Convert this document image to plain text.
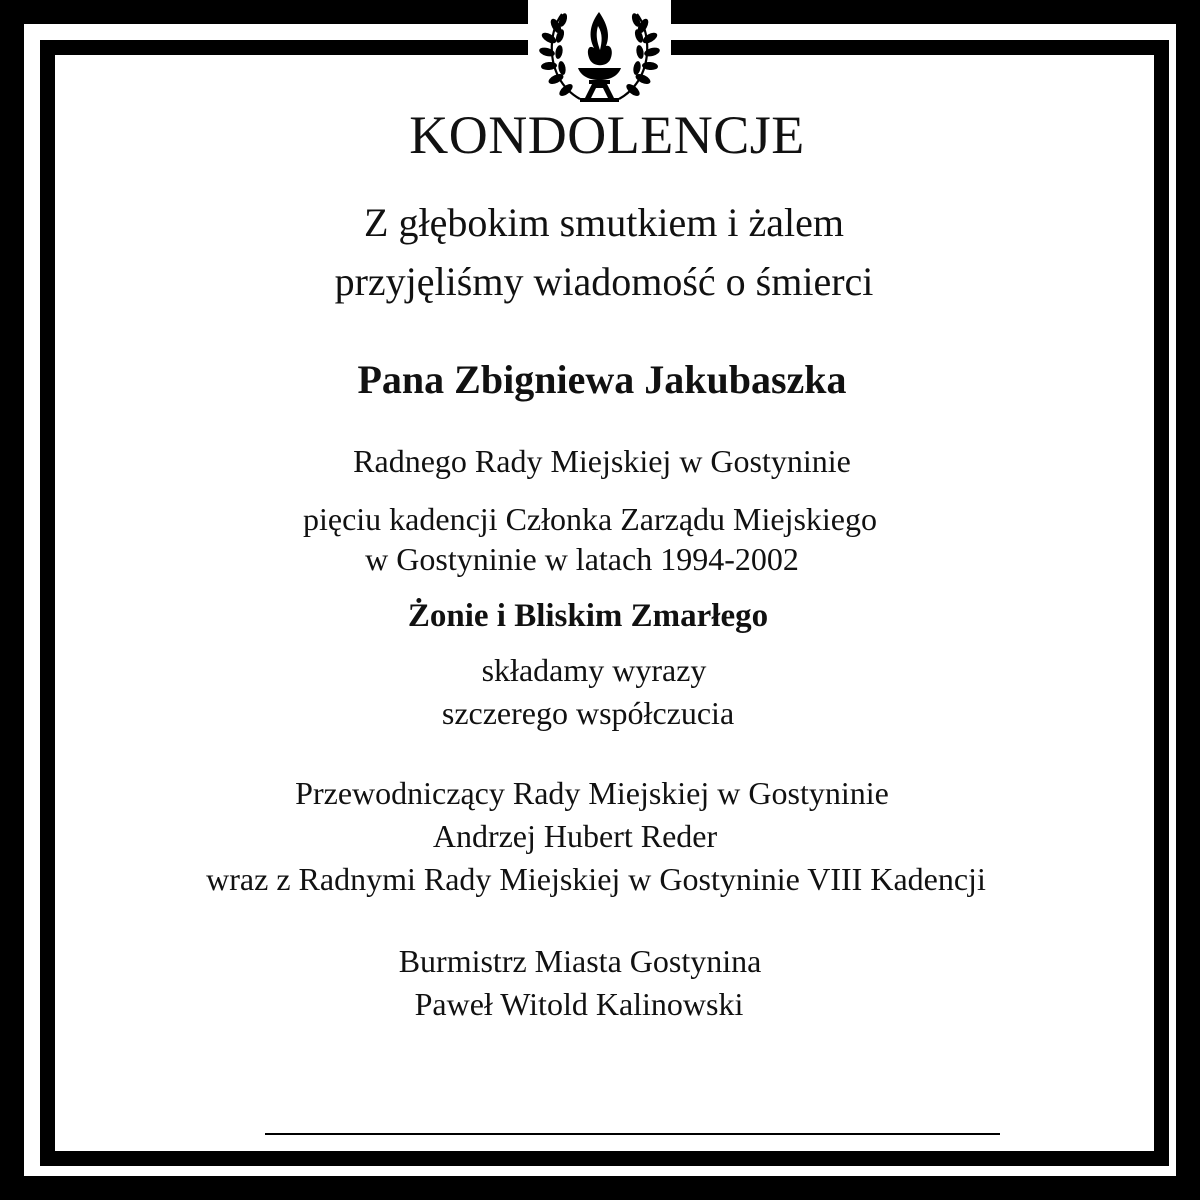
KONDOLENCJE
Z głębokim smutkiem i żalem
przyjęliśmy wiadomość o śmierci
Pana Zbigniewa Jakubaszka
Radnego Rady Miejskiej w Gostyninie
pięciu kadencji Członka Zarządu Miejskiego
w Gostyninie w latach 1994-2002
Żonie i Bliskim Zmarłego
składamy wyrazy
szczerego współczucia
Przewodniczący Rady Miejskiej w Gostyninie
Andrzej Hubert Reder
wraz z Radnymi Rady Miejskiej w Gostyninie VIII Kadencji
Burmistrz Miasta Gostynina
Paweł Witold Kalinowski
